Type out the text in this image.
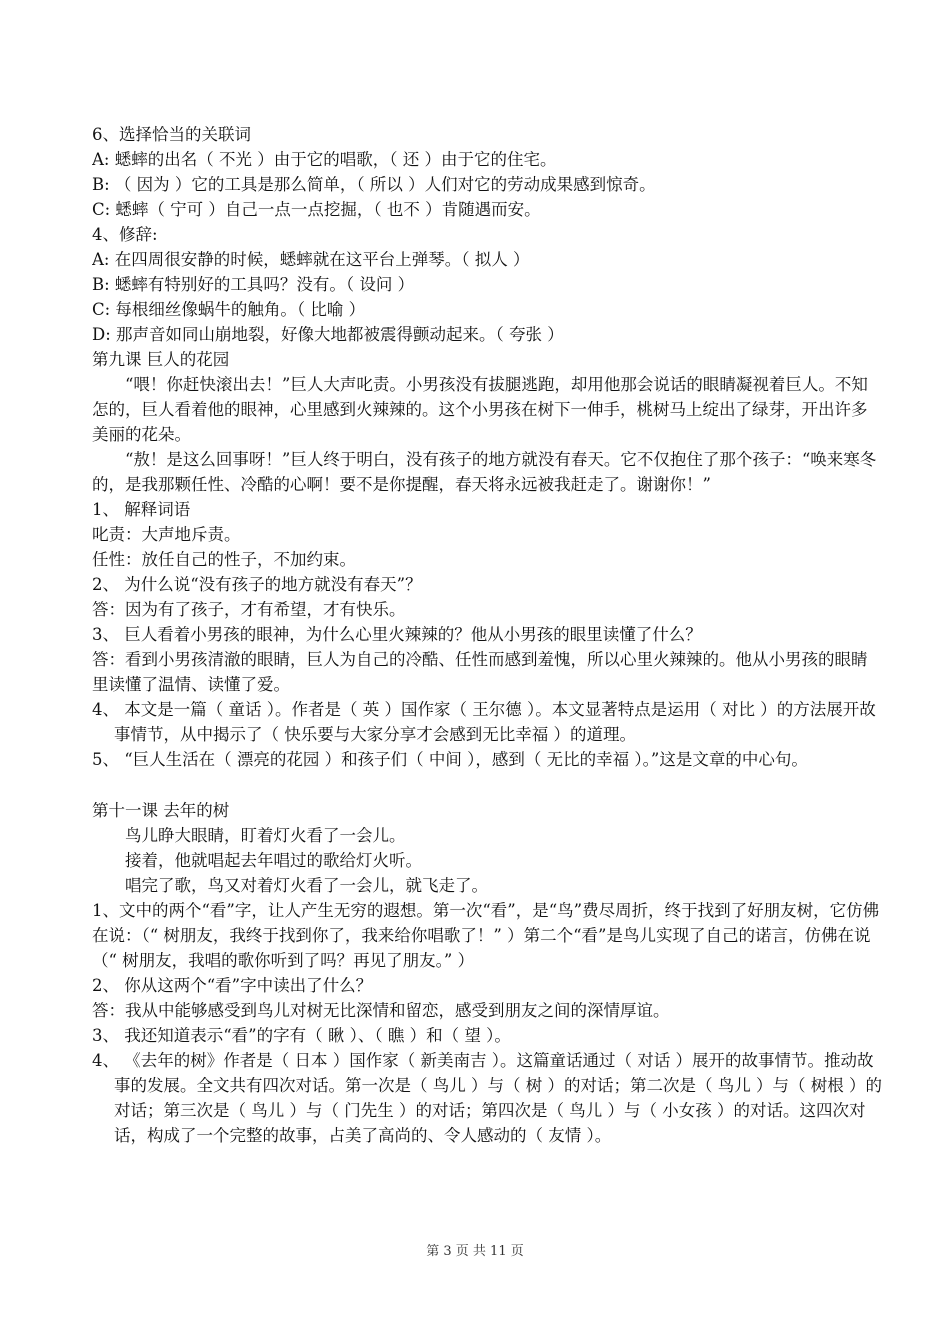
6、选择恰当的关联词
A: 蟋蟀的出名（ 不光 ）由于它的唱歌，（ 还 ）由于它的住宅。
B: （ 因为 ）它的工具是那么简单，（ 所以 ）人们对它的劳动成果感到惊奇。
C: 蟋蟀（ 宁可 ）自己一点一点挖掘，（ 也不 ）肯随遇而安。
4、修辞:
A: 在四周很安静的时候，蟋蟀就在这平台上弹琴。（ 拟人 ）
B: 蟋蟀有特别好的工具吗？没有。（ 设问 ）
C: 每根细丝像蜗牛的触角。（ 比喻 ）
D: 那声音如同山崩地裂，好像大地都被震得颤动起来。（ 夸张 ）
第九课 巨人的花园
“喂！你赶快滚出去！”巨人大声叱责。小男孩没有拔腿逃跑，却用他那会说话的眼睛凝视着巨人。不知怎的，巨人看着他的眼神，心里感到火辣辣的。这个小男孩在树下一伸手，桃树马上绽出了绿芽，开出许多美丽的花朵。
“敖！是这么回事呀！”巨人终于明白，没有孩子的地方就没有春天。它不仅抱住了那个孩子：“唤来寒冬的，是我那颗任性、冷酷的心啊！要不是你提醒，春天将永远被我赶走了。谢谢你！”
1、 解释词语
叱责：大声地斥责。
任性：放任自己的性子，不加约束。
2、 为什么说“没有孩子的地方就没有春天”？
答：因为有了孩子，才有希望，才有快乐。
3、 巨人看着小男孩的眼神，为什么心里火辣辣的？他从小男孩的眼里读懂了什么？
答：看到小男孩清澈的眼睛，巨人为自己的冷酷、任性而感到羞愧，所以心里火辣辣的。他从小男孩的眼睛里读懂了温情、读懂了爱。
4、 本文是一篇（ 童话 ）。作者是（ 英 ）国作家（ 王尔德 ）。本文显著特点是运用（ 对比 ）的方法展开故事情节，从中揭示了（ 快乐要与大家分享才会感到无比幸福 ）的道理。
5、 “巨人生活在（ 漂亮的花园 ）和孩子们（ 中间 ），感到（ 无比的幸福 ）。”这是文章的中心句。
第十一课 去年的树
鸟儿睁大眼睛，盯着灯火看了一会儿。
接着，他就唱起去年唱过的歌给灯火听。
唱完了歌，鸟又对着灯火看了一会儿，就飞走了。
1、文中的两个“看”字，让人产生无穷的遐想。第一次“看”，是“鸟”费尽周折，终于找到了好朋友树，它仿佛在说：（“ 树朋友，我终于找到你了，我来给你唱歌了！” ）第二个“看”是鸟儿实现了自己的诺言，仿佛在说（“ 树朋友，我唱的歌你听到了吗？再见了朋友。” ）
2、 你从这两个“看”字中读出了什么？
答：我从中能够感受到鸟儿对树无比深情和留恋，感受到朋友之间的深情厚谊。
3、 我还知道表示“看”的字有（ 瞅 ）、（ 瞧 ）和（ 望 ）。
4、 《去年的树》作者是（ 日本 ）国作家（ 新美南吉 ）。这篇童话通过（ 对话 ）展开的故事情节。推动故事的发展。全文共有四次对话。第一次是（ 鸟儿 ）与（ 树 ）的对话；第二次是（ 鸟儿 ）与（ 树根 ）的对话；第三次是（ 鸟儿 ）与（ 门先生 ）的对话；第四次是（ 鸟儿 ）与（ 小女孩 ）的对话。这四次对话，构成了一个完整的故事，占美了高尚的、令人感动的（ 友情 ）。
第 3 页 共 11 页
